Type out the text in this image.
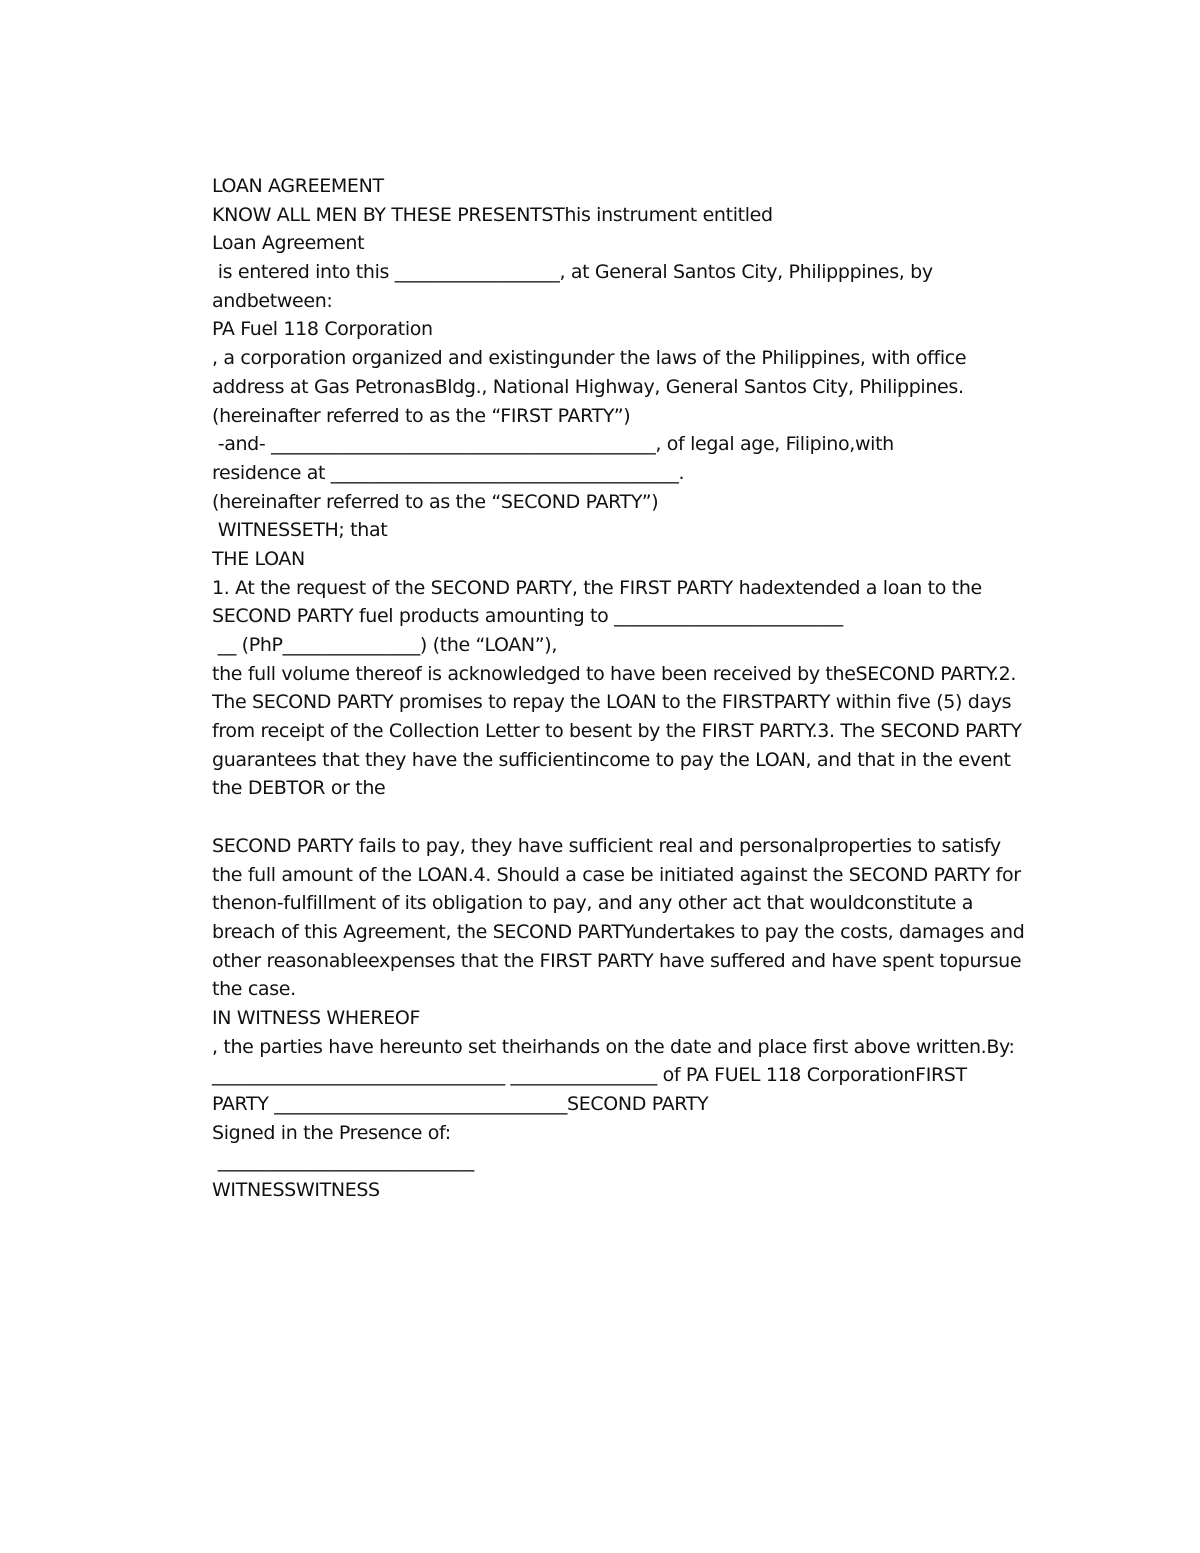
LOAN AGREEMENT
KNOW ALL MEN BY THESE PRESENTSThis instrument entitled
Loan Agreement
is entered into this __________________, at General Santos City, Philipppines, by
andbetween:
PA Fuel 118 Corporation
, a corporation organized and existingunder the laws of the Philippines, with office
address at Gas PetronasBldg., National Highway, General Santos City, Philippines.
(hereinafter referred to as the “FIRST PARTY”)
-and- __________________________________________, of legal age, Filipino,with
residence at ______________________________________.
(hereinafter referred to as the “SECOND PARTY”)
WITNESSETH; that
THE LOAN
1. At the request of the SECOND PARTY, the FIRST PARTY hadextended a loan to the
SECOND PARTY fuel products amounting to _________________________
__ (PhP_______________) (the “LOAN”),
the full volume thereof is acknowledged to have been received by theSECOND PARTY.2.
The SECOND PARTY promises to repay the LOAN to the FIRSTPARTY within five (5) days
from receipt of the Collection Letter to besent by the FIRST PARTY.3. The SECOND PARTY
guarantees that they have the sufficientincome to pay the LOAN, and that in the event
the DEBTOR or the
SECOND PARTY fails to pay, they have sufficient real and personalproperties to satisfy
the full amount of the LOAN.4. Should a case be initiated against the SECOND PARTY for
thenon-fulfillment of its obligation to pay, and any other act that wouldconstitute a
breach of this Agreement, the SECOND PARTYundertakes to pay the costs, damages and
other reasonableexpenses that the FIRST PARTY have suffered and have spent topursue
the case.
IN WITNESS WHEREOF
, the parties have hereunto set theirhands on the date and place first above written.By:
________________________________ ________________ of PA FUEL 118 CorporationFIRST
PARTY ________________________________SECOND PARTY
Signed in the Presence of:
____________________________
WITNESSWITNESS
